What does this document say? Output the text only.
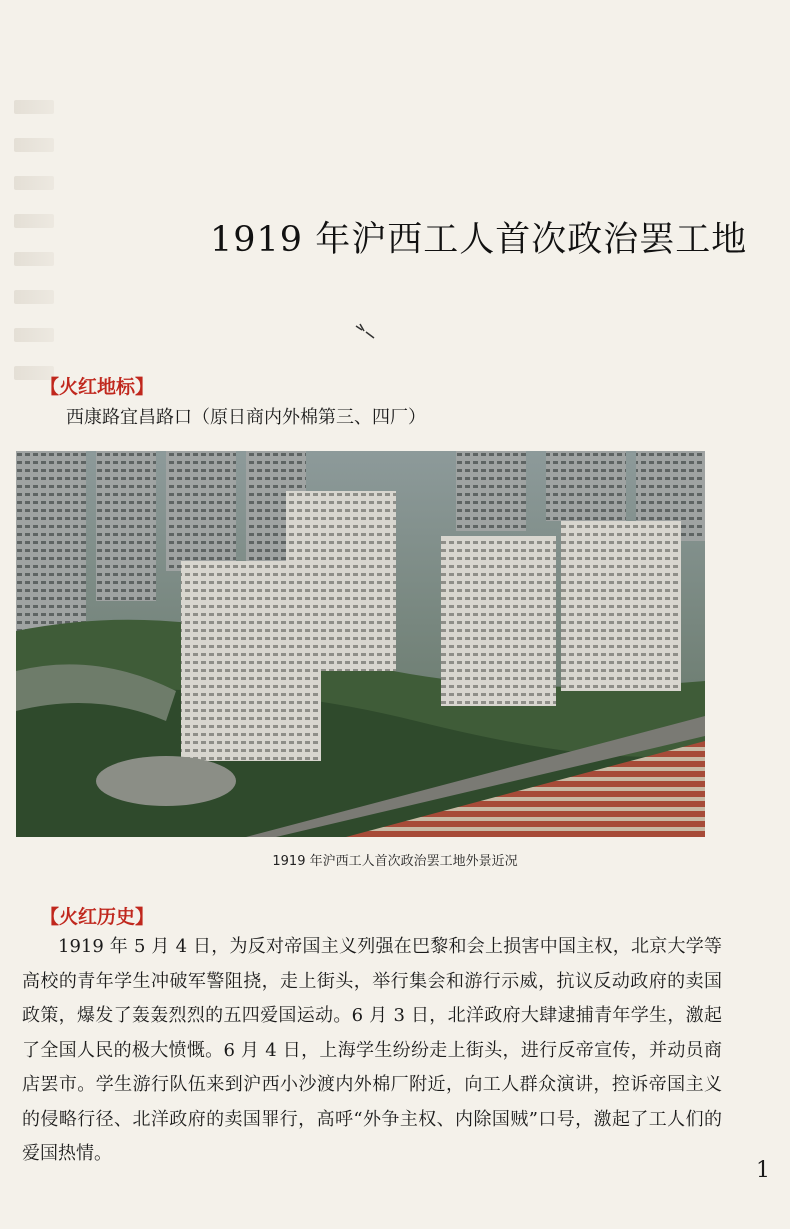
1919 年沪西工人首次政治罢工地
【火红地标】
西康路宜昌路口（原日商内外棉第三、四厂）
1919 年沪西工人首次政治罢工地外景近况
【火红历史】

1919 年 5 月 4 日，为反对帝国主义列强在巴黎和会上损害中国主权，北京大学等高校的青年学生冲破军警阻挠，走上街头，举行集会和游行示威，抗议反动政府的卖国政策，爆发了轰轰烈烈的五四爱国运动。6 月 3 日，北洋政府大肆逮捕青年学生，激起了全国人民的极大愤慨。6 月 4 日，上海学生纷纷走上街头，进行反帝宣传，并动员商店罢市。学生游行队伍来到沪西小沙渡内外棉厂附近，向工人群众演讲，控诉帝国主义的侵略行径、北洋政府的卖国罪行，高呼“外争主权、内除国贼”口号，激起了工人们的爱国热情。

1
